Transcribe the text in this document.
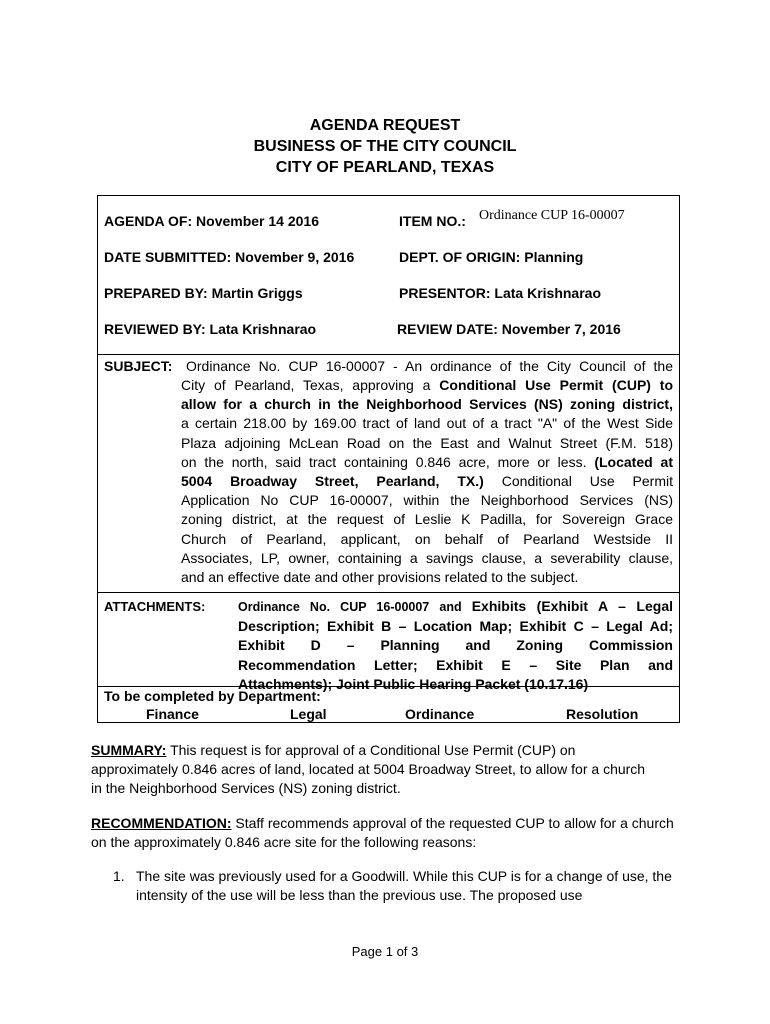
AGENDA REQUEST
BUSINESS OF THE CITY COUNCIL
CITY OF PEARLAND, TEXAS
AGENDA OF: November 14 2016	ITEM NO.: Ordinance CUP 16-00007
DATE SUBMITTED: November 9, 2016	DEPT. OF ORIGIN: Planning
PREPARED BY: Martin Griggs	PRESENTOR: Lata Krishnarao
REVIEWED BY: Lata Krishnarao	REVIEW DATE: November 7, 2016
SUBJECT: Ordinance No. CUP 16-00007 - An ordinance of the City Council of the
City of Pearland, Texas, approving a Conditional Use Permit (CUP) to
allow for a church in the Neighborhood Services (NS) zoning district,
a certain 218.00 by 169.00 tract of land out of a tract "A" of the West Side
Plaza adjoining McLean Road on the East and Walnut Street (F.M. 518)
on the north, said tract containing 0.846 acre, more or less. (Located at
5004 Broadway Street, Pearland, TX.) Conditional Use Permit
Application No CUP 16-00007, within the Neighborhood Services (NS)
zoning district, at the request of Leslie K Padilla, for Sovereign Grace
Church of Pearland, applicant, on behalf of Pearland Westside II
Associates, LP, owner, containing a savings clause, a severability clause,
and an effective date and other provisions related to the subject.
ATTACHMENTS:	Ordinance No. CUP 16-00007 and Exhibits (Exhibit A – Legal
Description; Exhibit B – Location Map; Exhibit C – Legal Ad;
Exhibit D – Planning and Zoning Commission
Recommendation Letter; Exhibit E – Site Plan and
Attachments); Joint Public Hearing Packet (10.17.16)
To be completed by Department:
Finance	Legal	Ordinance	Resolution
SUMMARY: This request is for approval of a Conditional Use Permit (CUP) on approximately 0.846 acres of land, located at 5004 Broadway Street, to allow for a church in the Neighborhood Services (NS) zoning district.
RECOMMENDATION: Staff recommends approval of the requested CUP to allow for a church on the approximately 0.846 acre site for the following reasons:
1. The site was previously used for a Goodwill. While this CUP is for a change of use, the intensity of the use will be less than the previous use. The proposed use
Page 1 of 3
